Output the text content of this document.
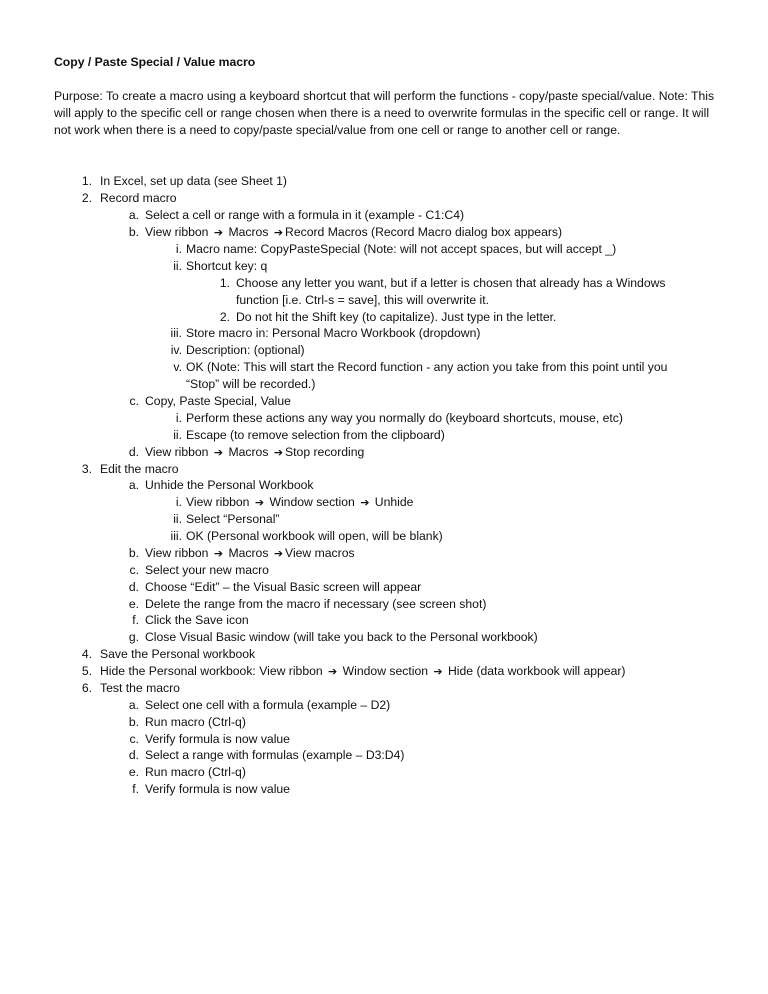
Copy / Paste Special / Value macro

Purpose: To create a macro using a keyboard shortcut that will perform the functions - copy/paste special/value. Note: This will apply to the specific cell or range chosen when there is a need to overwrite formulas in the specific cell or range. It will not work when there is a need to copy/paste special/value from one cell or range to another cell or range.

1. In Excel, set up data (see Sheet 1)
2. Record macro
a. Select a cell or range with a formula in it (example - C1:C4)
b. View ribbon ➔ Macros ➔ Record Macros (Record Macro dialog box appears)
i. Macro name: CopyPasteSpecial (Note: will not accept spaces, but will accept _)
ii. Shortcut key: q
1. Choose any letter you want, but if a letter is chosen that already has a Windows function [i.e. Ctrl-s = save], this will overwrite it.
2. Do not hit the Shift key (to capitalize). Just type in the letter.
iii. Store macro in: Personal Macro Workbook (dropdown)
iv. Description: (optional)
v. OK (Note: This will start the Record function - any action you take from this point until you “Stop” will be recorded.)
c. Copy, Paste Special, Value
i. Perform these actions any way you normally do (keyboard shortcuts, mouse, etc)
ii. Escape (to remove selection from the clipboard)
d. View ribbon ➔ Macros ➔ Stop recording
3. Edit the macro
a. Unhide the Personal Workbook
i. View ribbon ➔ Window section ➔ Unhide
ii. Select “Personal”
iii. OK (Personal workbook will open, will be blank)
b. View ribbon ➔ Macros ➔ View macros
c. Select your new macro
d. Choose “Edit” – the Visual Basic screen will appear
e. Delete the range from the macro if necessary (see screen shot)
f. Click the Save icon
g. Close Visual Basic window (will take you back to the Personal workbook)
4. Save the Personal workbook
5. Hide the Personal workbook: View ribbon ➔ Window section ➔ Hide (data workbook will appear)
6. Test the macro
a. Select one cell with a formula (example – D2)
b. Run macro (Ctrl-q)
c. Verify formula is now value
d. Select a range with formulas (example – D3:D4)
e. Run macro (Ctrl-q)
f. Verify formula is now value
